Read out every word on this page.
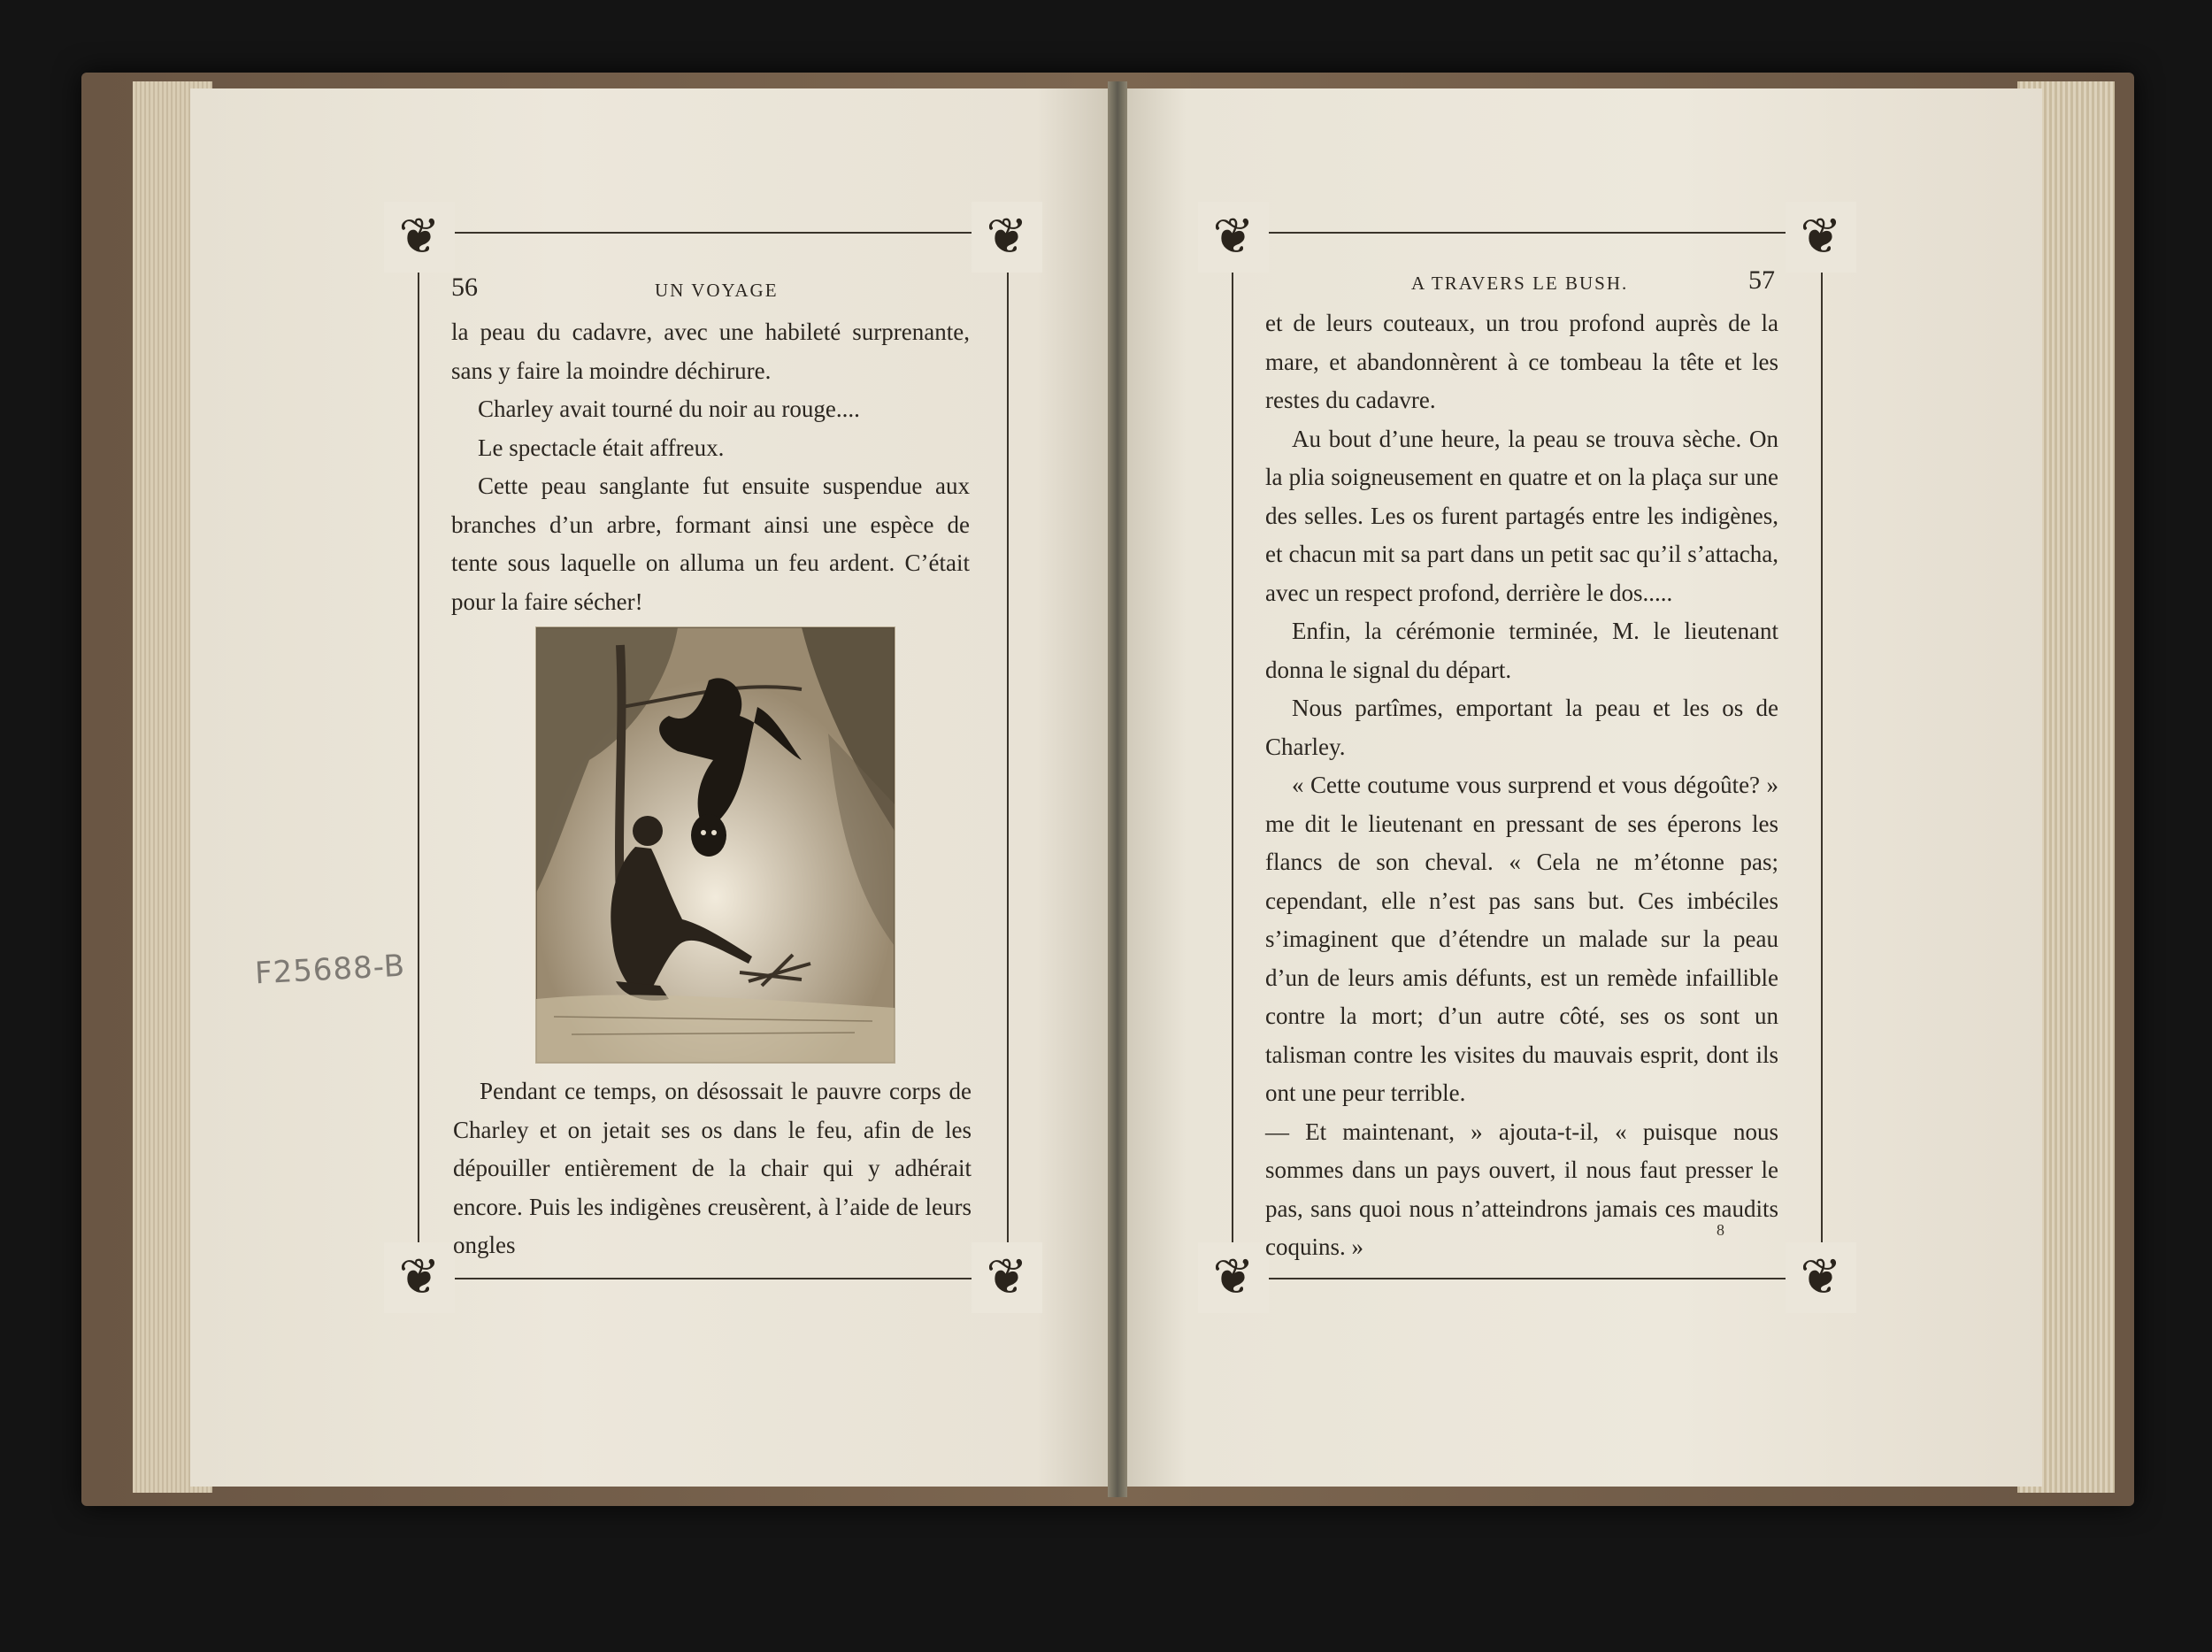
❦	❦
❦	❦
❦	❦
❦	❦
56	UN VOYAGE

la peau du cadavre, avec une habileté surprenante, sans y faire la moindre déchirure.

Charley avait tourné du noir au rouge....

Le spectacle était affreux.

Cette peau sanglante fut ensuite suspendue aux branches d’un arbre, formant ainsi une espèce de tente sous laquelle on alluma un feu ardent. C’était pour la faire sécher!

Pendant ce temps, on désossait le pauvre corps de Charley et on jetait ses os dans le feu, afin de les dépouiller entièrement de la chair qui y adhérait encore. Puis les indigènes creusèrent, à l’aide de leurs ongles

A TRAVERS LE BUSH.	57

et de leurs couteaux, un trou profond auprès de la mare, et abandonnèrent à ce tombeau la tête et les restes du cadavre.

Au bout d’une heure, la peau se trouva sèche. On la plia soigneusement en quatre et on la plaça sur une des selles. Les os furent partagés entre les indigènes, et chacun mit sa part dans un petit sac qu’il s’attacha, avec un respect profond, derrière le dos.....

Enfin, la cérémonie terminée, M. le lieutenant donna le signal du départ.

Nous partîmes, emportant la peau et les os de Charley.

« Cette coutume vous surprend et vous dégoûte? » me dit le lieutenant en pressant de ses éperons les flancs de son cheval. « Cela ne m’étonne pas; cependant, elle n’est pas sans but. Ces imbéciles s’imaginent que d’étendre un malade sur la peau d’un de leurs amis défunts, est un remède infaillible contre la mort; d’un autre côté, ses os sont un talisman contre les visites du mauvais esprit, dont ils ont une peur terrible.

— Et maintenant, » ajouta-t-il, « puisque nous sommes dans un pays ouvert, il nous faut presser le pas, sans quoi nous n’atteindrons jamais ces maudits coquins. »

8
F25688-B
